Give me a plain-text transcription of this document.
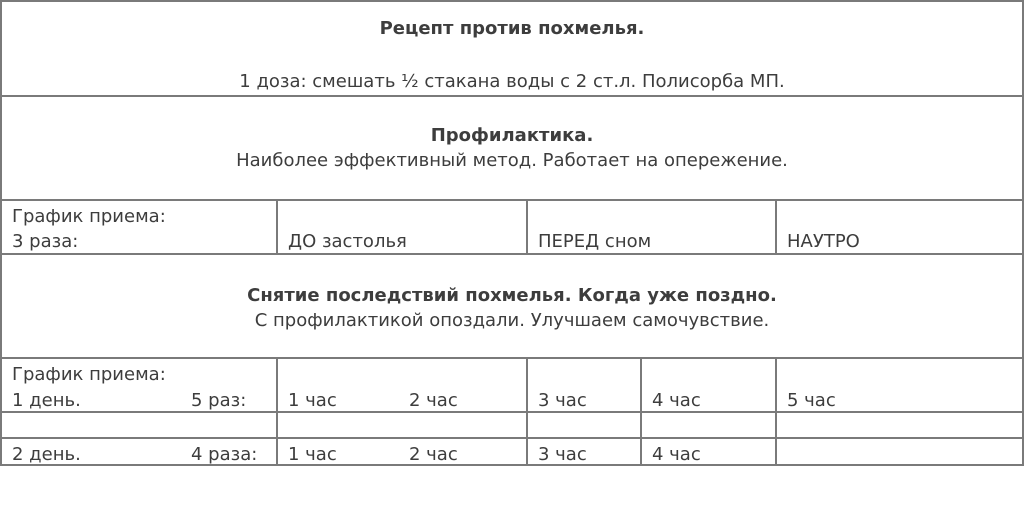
Рецепт против похмелья.
1 доза: смешать ½ стакана воды с 2 ст.л. Полисорба МП.
Профилактика.
Наиболее эффективный метод. Работает на опережение.
График приема:
3 раза:	ДО застолья	ПЕРЕД сном	НАУТРО
Снятие последствий похмелья. Когда уже поздно.
С профилактикой опоздали. Улучшаем самочувствие.
График приема:
1 день.	5 раз: 1 час	2 час	3 час	4 час	5 час
2 день.	4 раза: 1 час	2 час	3 час	4 час
